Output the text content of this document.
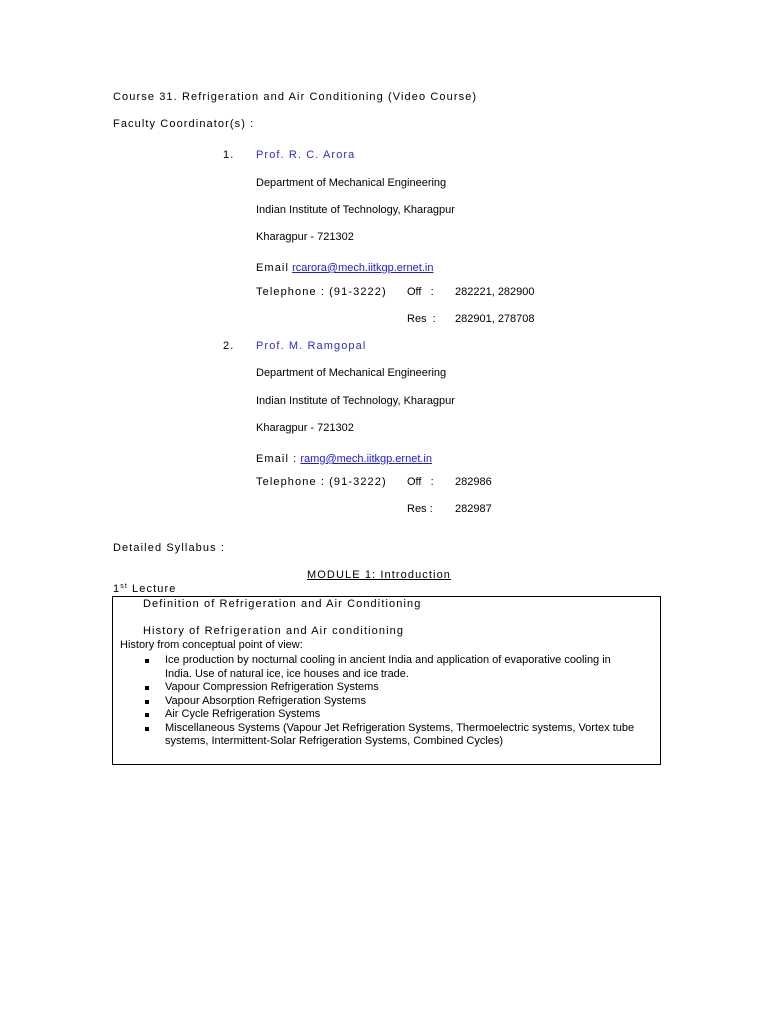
Course 31. Refrigeration and Air Conditioning (Video Course)
Faculty Coordinator(s) :
1. Prof. R. C. Arora
Department of Mechanical Engineering
Indian Institute of Technology, Kharagpur
Kharagpur - 721302
Email rcarora@mech.iitkgp.ernet.in
Telephone : (91-3222) Off   : 282221, 282900
Res  : 282901, 278708
2. Prof. M. Ramgopal
Department of Mechanical Engineering
Indian Institute of Technology, Kharagpur
Kharagpur - 721302
Email : ramg@mech.iitkgp.ernet.in
Telephone : (91-3222) Off   : 282986
Res : 282987
Detailed Syllabus :
MODULE 1: Introduction
1st Lecture
Definition of Refrigeration and Air Conditioning
History of Refrigeration and Air conditioning
History from conceptual point of view:
Ice production by nocturnal cooling in ancient India and application of evaporative cooling in India. Use of natural ice, ice houses and ice trade.
Vapour Compression Refrigeration Systems
Vapour Absorption Refrigeration Systems
Air Cycle Refrigeration Systems
Miscellaneous Systems (Vapour Jet Refrigeration Systems, Thermoelectric systems, Vortex tube systems, Intermittent-Solar Refrigeration Systems, Combined Cycles)
